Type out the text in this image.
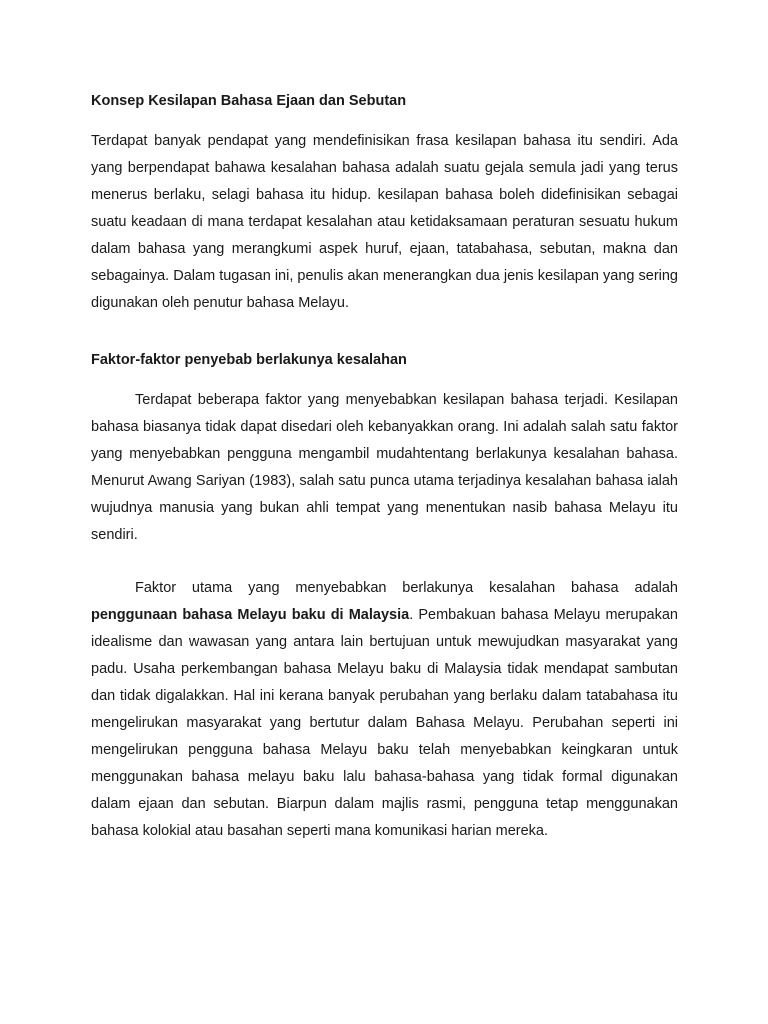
Konsep Kesilapan Bahasa Ejaan dan Sebutan

Terdapat banyak pendapat yang mendefinisikan frasa kesilapan bahasa itu sendiri. Ada yang berpendapat bahawa kesalahan bahasa adalah suatu gejala semula jadi yang terus menerus berlaku, selagi bahasa itu hidup. kesilapan bahasa boleh didefinisikan sebagai suatu keadaan di mana terdapat kesalahan atau ketidaksamaan peraturan sesuatu hukum dalam bahasa yang merangkumi aspek huruf, ejaan, tatabahasa, sebutan, makna dan sebagainya. Dalam tugasan ini, penulis akan menerangkan dua jenis kesilapan yang sering digunakan oleh penutur bahasa Melayu.

Faktor-faktor penyebab berlakunya kesalahan

Terdapat beberapa faktor yang menyebabkan kesilapan bahasa terjadi. Kesilapan bahasa biasanya tidak dapat disedari oleh kebanyakkan orang. Ini adalah salah satu faktor yang menyebabkan pengguna mengambil mudahtentang berlakunya kesalahan bahasa. Menurut Awang Sariyan (1983), salah satu punca utama terjadinya kesalahan bahasa ialah wujudnya manusia yang bukan ahli tempat yang menentukan nasib bahasa Melayu itu sendiri.

Faktor utama yang menyebabkan berlakunya kesalahan bahasa adalah penggunaan bahasa Melayu baku di Malaysia. Pembakuan bahasa Melayu merupakan idealisme dan wawasan yang antara lain bertujuan untuk mewujudkan masyarakat yang padu. Usaha perkembangan bahasa Melayu baku di Malaysia tidak mendapat sambutan dan tidak digalakkan. Hal ini kerana banyak perubahan yang berlaku dalam tatabahasa itu mengelirukan masyarakat yang bertutur dalam Bahasa Melayu. Perubahan seperti ini mengelirukan pengguna bahasa Melayu baku telah menyebabkan keingkaran untuk menggunakan bahasa melayu baku lalu bahasa-bahasa yang tidak formal digunakan dalam ejaan dan sebutan. Biarpun dalam majlis rasmi, pengguna tetap menggunakan bahasa kolokial atau basahan seperti mana komunikasi harian mereka.
